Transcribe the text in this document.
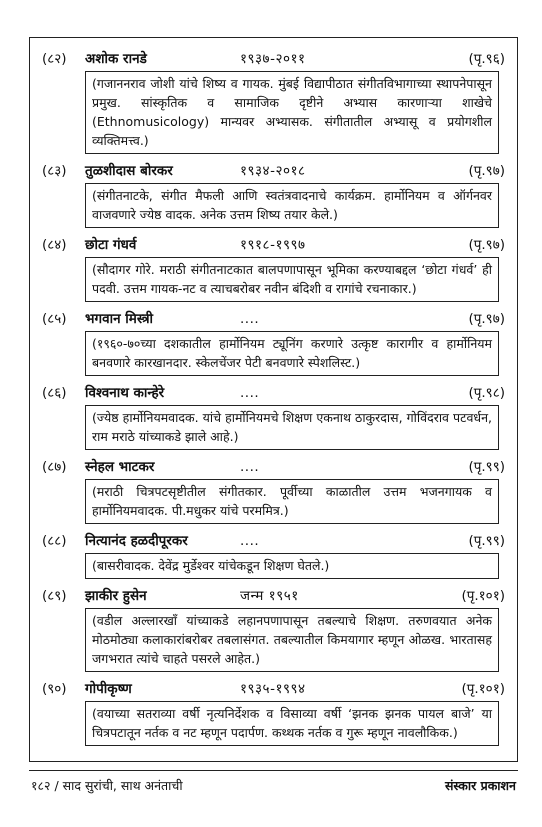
(८२) अशोक रानडे	१९३७-२०११	(पृ.९६)
(गजाननराव जोशी यांचे शिष्य व गायक. मुंबई विद्यापीठात संगीतविभागाच्या स्थापनेपासून प्रमुख. सांस्कृतिक व सामाजिक दृष्टीने अभ्यास कारणाऱ्या शाखेचे (Ethnomusicology) मान्यवर अभ्यासक. संगीतातील अभ्यासू व प्रयोगशील व्यक्तिमत्त्व.)
(८३) तुळशीदास बोरकर	१९३४-२०१८	(पृ.९७)
(संगीतनाटके, संगीत मैफली आणि स्वतंत्रवादनाचे कार्यक्रम. हार्मोनियम व ऑर्गनवर वाजवणारे ज्येष्ठ वादक. अनेक उत्तम शिष्य तयार केले.)
(८४) छोटा गंधर्व	१९१८-१९९७	(पृ.९७)
(सौदागर गोरे. मराठी संगीतनाटकात बालपणापासून भूमिका करण्याबद्दल ‘छोटा गंधर्व’ ही पदवी. उत्तम गायक-नट व त्याचबरोबर नवीन बंदिशी व रागांचे रचनाकार.)
(८५) भगवान मिस्त्री	....	(पृ.९७)
(१९६०-७०च्या दशकातील हार्मोनियम ट्यूनिंग करणारे उत्कृष्ट कारागीर व हार्मोनियम बनवणारे कारखानदार. स्केलचेंजर पेटी बनवणारे स्पेशलिस्ट.)
(८६) विश्वनाथ कान्हेरे	....	(पृ.९८)
(ज्येष्ठ हार्मोनियमवादक. यांचे हार्मोनियमचे शिक्षण एकनाथ ठाकुरदास, गोविंदराव पटवर्धन, राम मराठे यांच्याकडे झाले आहे.)
(८७) स्नेहल भाटकर	....	(पृ.९९)
(मराठी चित्रपटसृष्टीतील संगीतकार. पूर्वीच्या काळातील उत्तम भजनगायक व हार्मोनियमवादक. पी.मधुकर यांचे परममित्र.)
(८८) नित्यानंद हळदीपूरकर	....	(पृ.९९)
(बासरीवादक. देवेंद्र मुर्डेश्वर यांचेकडून शिक्षण घेतले.)
(८९) झाकीर हुसेन	जन्म १९५१	(पृ.१०१)
(वडील अल्लारखाँ यांच्याकडे लहानपणापासून तबल्याचे शिक्षण. तरुणवयात अनेक मोठमोठ्या कलाकारांबरोबर तबलासंगत. तबल्यातील किमयागार म्हणून ओळख. भारतासह जगभरात त्यांचे चाहते पसरले आहेत.)
(९०) गोपीकृष्ण	१९३५-१९९४	(पृ.१०१)
(वयाच्या सतराव्या वर्षी नृत्यनिर्देशक व विसाव्या वर्षी ‘झनक झनक पायल बाजे’ या चित्रपटातून नर्तक व नट म्हणून पदार्पण. कथ्थक नर्तक व गुरू म्हणून नावलौकिक.)
१८२ / साद सुरांची, साथ अनंताची	संस्कार प्रकाशन
